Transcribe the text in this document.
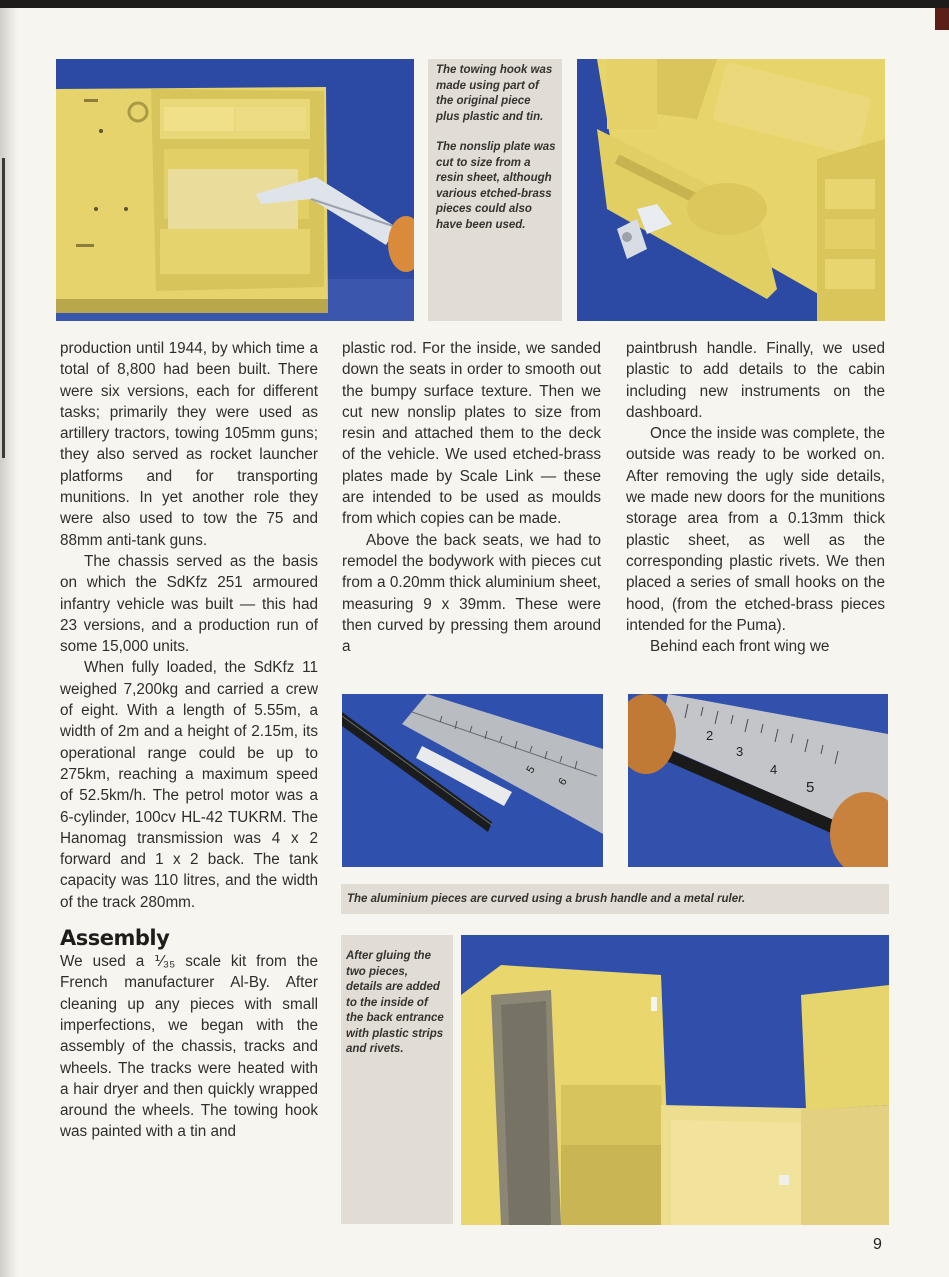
The towing hook was made using part of the original piece plus plastic and tin.

The nonslip plate was cut to size from a resin sheet, although various etched-brass pieces could also have been used.

production until 1944, by which time a total of 8,800 had been built. There were six versions, each for different tasks; primarily they were used as artillery tractors, towing 105mm guns; they also served as rocket launcher platforms and for transporting munitions. In yet another role they were also used to tow the 75 and 88mm anti-tank guns.

The chassis served as the basis on which the SdKfz 251 armoured infantry vehicle was built — this had 23 versions, and a production run of some 15,000 units.

When fully loaded, the SdKfz 11 weighed 7,200kg and carried a crew of eight. With a length of 5.55m, a width of 2m and a height of 2.15m, its operational range could be up to 275km, reaching a maximum speed of 52.5km/h. The petrol motor was a 6-cylinder, 100cv HL-42 TUKRM. The Hanomag transmission was 4 x 2 forward and 1 x 2 back. The tank capacity was 110 litres, and the width of the track 280mm.

Assembly

We used a ⅟₃₅ scale kit from the French manufacturer Al-By. After cleaning up any pieces with small imperfections, we began with the assembly of the chassis, tracks and wheels. The tracks were heated with a hair dryer and then quickly wrapped around the wheels. The towing hook was painted with a tin and

plastic rod. For the inside, we sanded down the seats in order to smooth out the bumpy surface texture. Then we cut new nonslip plates to size from resin and attached them to the deck of the vehicle. We used etched-brass plates made by Scale Link — these are intended to be used as moulds from which copies can be made.

Above the back seats, we had to remodel the bodywork with pieces cut from a 0.20mm thick aluminium sheet, measuring 9 x 39mm. These were then curved by pressing them around a

paintbrush handle. Finally, we used plastic to add details to the cabin including new instruments on the dashboard.

Once the inside was complete, the outside was ready to be worked on. After removing the ugly side details, we made new doors for the munitions storage area from a 0.13mm thick plastic sheet, as well as the corresponding plastic rivets. We then placed a series of small hooks on the hood, (from the etched-brass pieces intended for the Puma).

Behind each front wing we

5
6
2
3
4
5
The aluminium pieces are curved using a brush handle and a metal ruler.

After gluing the two pieces, details are added to the inside of the back entrance with plastic strips and rivets.

9
